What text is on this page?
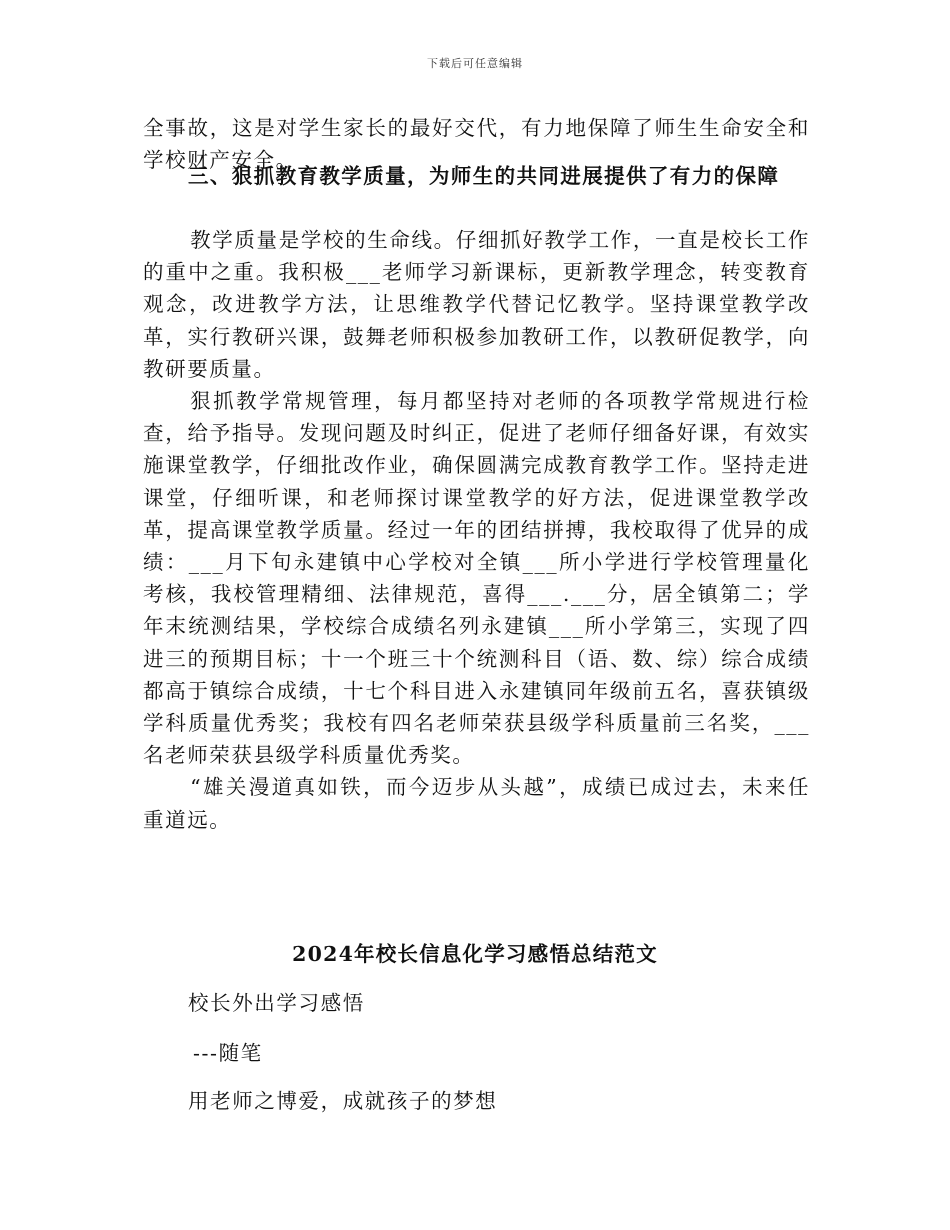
下载后可任意编辑

全事故，这是对学生家长的最好交代，有力地保障了师生生命安全和学校财产安全。

三、狠抓教育教学质量，为师生的共同进展提供了有力的保障

教学质量是学校的生命线。仔细抓好教学工作，一直是校长工作的重中之重。我积极___老师学习新课标，更新教学理念，转变教育观念，改进教学方法，让思维教学代替记忆教学。坚持课堂教学改革，实行教研兴课，鼓舞老师积极参加教研工作，以教研促教学，向教研要质量。

狠抓教学常规管理，每月都坚持对老师的各项教学常规进行检查，给予指导。发现问题及时纠正，促进了老师仔细备好课，有效实施课堂教学，仔细批改作业，确保圆满完成教育教学工作。坚持走进课堂，仔细听课，和老师探讨课堂教学的好方法，促进课堂教学改革，提高课堂教学质量。经过一年的团结拼搏，我校取得了优异的成绩：___月下旬永建镇中心学校对全镇___所小学进行学校管理量化考核，我校管理精细、法律规范，喜得___.___分，居全镇第二；学年末统测结果，学校综合成绩名列永建镇___所小学第三，实现了四进三的预期目标；十一个班三十个统测科目（语、数、综）综合成绩都高于镇综合成绩，十七个科目进入永建镇同年级前五名，喜获镇级学科质量优秀奖；我校有四名老师荣获县级学科质量前三名奖，___名老师荣获县级学科质量优秀奖。

“雄关漫道真如铁，而今迈步从头越”，成绩已成过去，未来任重道远。

2024年校长信息化学习感悟总结范文
校长外出学习感悟
---随笔
用老师之博爱，成就孩子的梦想
